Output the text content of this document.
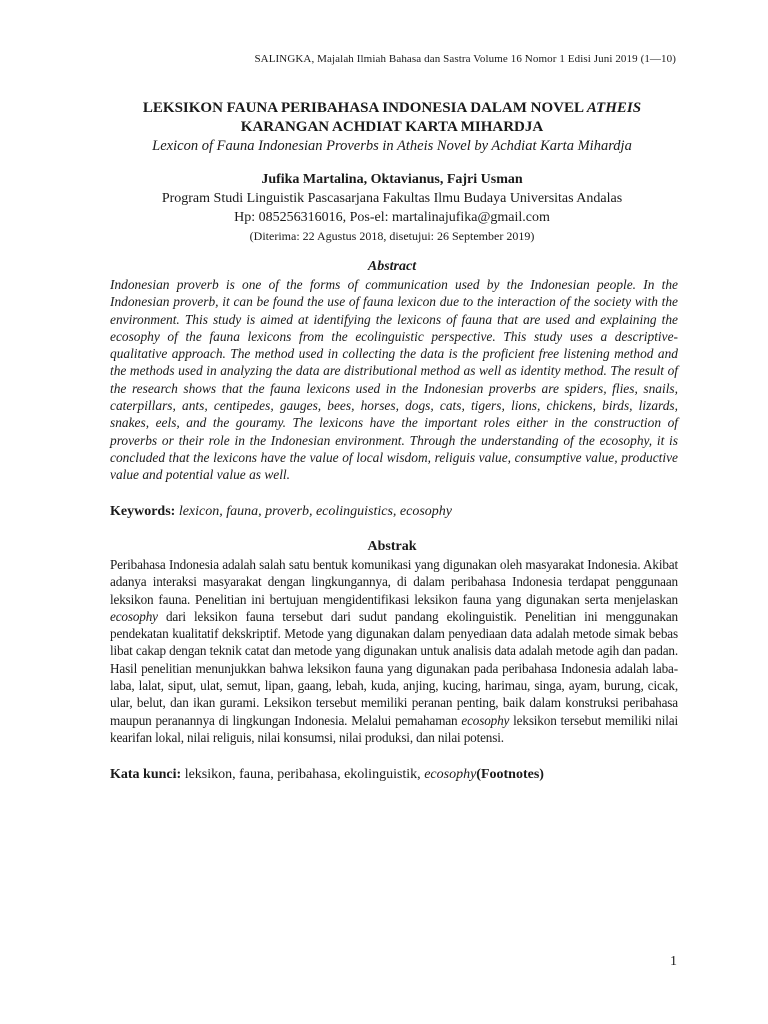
SALINGKA, Majalah Ilmiah Bahasa dan Sastra Volume 16 Nomor 1 Edisi Juni 2019 (1—10)

LEKSIKON FAUNA PERIBAHASA INDONESIA DALAM NOVEL ATHEIS
KARANGAN ACHDIAT KARTA MIHARDJA

Lexicon of Fauna Indonesian Proverbs in Atheis Novel by Achdiat Karta Mihardja

Jufika Martalina, Oktavianus, Fajri Usman
Program Studi Linguistik Pascasarjana Fakultas Ilmu Budaya Universitas Andalas
Hp: 085256316016, Pos-el: martalinajufika@gmail.com
(Diterima: 22 Agustus 2018, disetujui: 26 September 2019)
Abstract

Indonesian proverb is one of the forms of communication used by the Indonesian people. In the Indonesian proverb, it can be found the use of fauna lexicon due to the interaction of the society with the environment. This study is aimed at identifying the lexicons of fauna that are used and explaining the ecosophy of the fauna lexicons from the ecolinguistic perspective. This study uses a descriptive-qualitative approach. The method used in collecting the data is the proficient free listening method and the methods used in analyzing the data are distributional method as well as identity method. The result of the research shows that the fauna lexicons used in the Indonesian proverbs are spiders, flies, snails, caterpillars, ants, centipedes, gauges, bees, horses, dogs, cats, tigers, lions, chickens, birds, lizards, snakes, eels, and the gouramy. The lexicons have the important roles either in the construction of proverbs or their role in the Indonesian environment. Through the understanding of the ecosophy, it is concluded that the lexicons have the value of local wisdom, religuis value, consumptive value, productive value and potential value as well.

Keywords: lexicon, fauna, proverb, ecolinguistics, ecosophy
Abstrak

Peribahasa Indonesia adalah salah satu bentuk komunikasi yang digunakan oleh masyarakat Indonesia. Akibat adanya interaksi masyarakat dengan lingkungannya, di dalam peribahasa Indonesia terdapat penggunaan leksikon fauna. Penelitian ini bertujuan mengidentifikasi leksikon fauna yang digunakan serta menjelaskan ecosophy dari leksikon fauna tersebut dari sudut pandang ekolinguistik. Penelitian ini menggunakan pendekatan kualitatif dekskriptif. Metode yang digunakan dalam penyediaan data adalah metode simak bebas libat cakap dengan teknik catat dan metode yang digunakan untuk analisis data adalah metode agih dan padan. Hasil penelitian menunjukkan bahwa leksikon fauna yang digunakan pada peribahasa Indonesia adalah laba-laba, lalat, siput, ulat, semut, lipan, gaang, lebah, kuda, anjing, kucing, harimau, singa, ayam, burung, cicak, ular, belut, dan ikan gurami. Leksikon tersebut memiliki peranan penting, baik dalam konstruksi peribahasa maupun peranannya di lingkungan Indonesia. Melalui pemahaman ecosophy leksikon tersebut memiliki nilai kearifan lokal, nilai religuis, nilai konsumsi, nilai produksi, dan nilai potensi.

Kata kunci: leksikon, fauna, peribahasa, ekolinguistik, ecosophy(Footnotes)
1
